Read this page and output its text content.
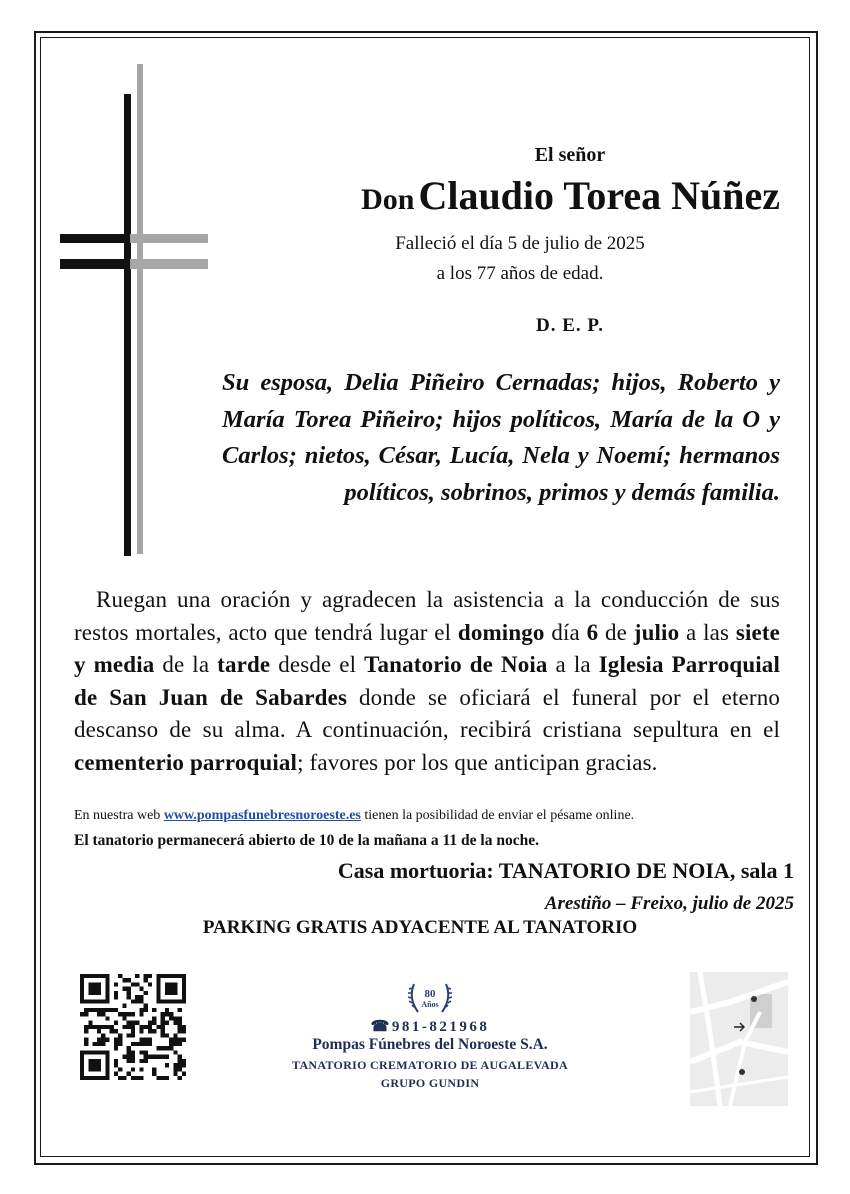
El señor
Don Claudio Torea Núñez
Falleció el día 5 de julio de 2025
a los 77 años de edad.
D. E. P.
Su esposa, Delia Piñeiro Cernadas; hijos, Roberto y María Torea Piñeiro; hijos políticos, María de la O y Carlos; nietos, César, Lucía, Nela y Noemí; hermanos políticos, sobrinos, primos y demás familia.
Ruegan una oración y agradecen la asistencia a la conducción de sus restos mortales, acto que tendrá lugar el domingo día 6 de julio a las siete y media de la tarde desde el Tanatorio de Noia a la Iglesia Parroquial de San Juan de Sabardes donde se oficiará el funeral por el eterno descanso de su alma. A continuación, recibirá cristiana sepultura en el cementerio parroquial; favores por los que anticipan gracias.
En nuestra web www.pompasfunebresnoroeste.es tienen la posibilidad de enviar el pésame online.
El tanatorio permanecerá abierto de 10 de la mañana a 11 de la noche.
Casa mortuoria: TANATORIO DE NOIA, sala 1
Arestiño – Freixo, julio de 2025
PARKING GRATIS ADYACENTE AL TANATORIO
80
Años
☎981-821968
Pompas Fúnebres del Noroeste S.A.
TANATORIO CREMATORIO DE AUGALEVADA
GRUPO GUNDIN
